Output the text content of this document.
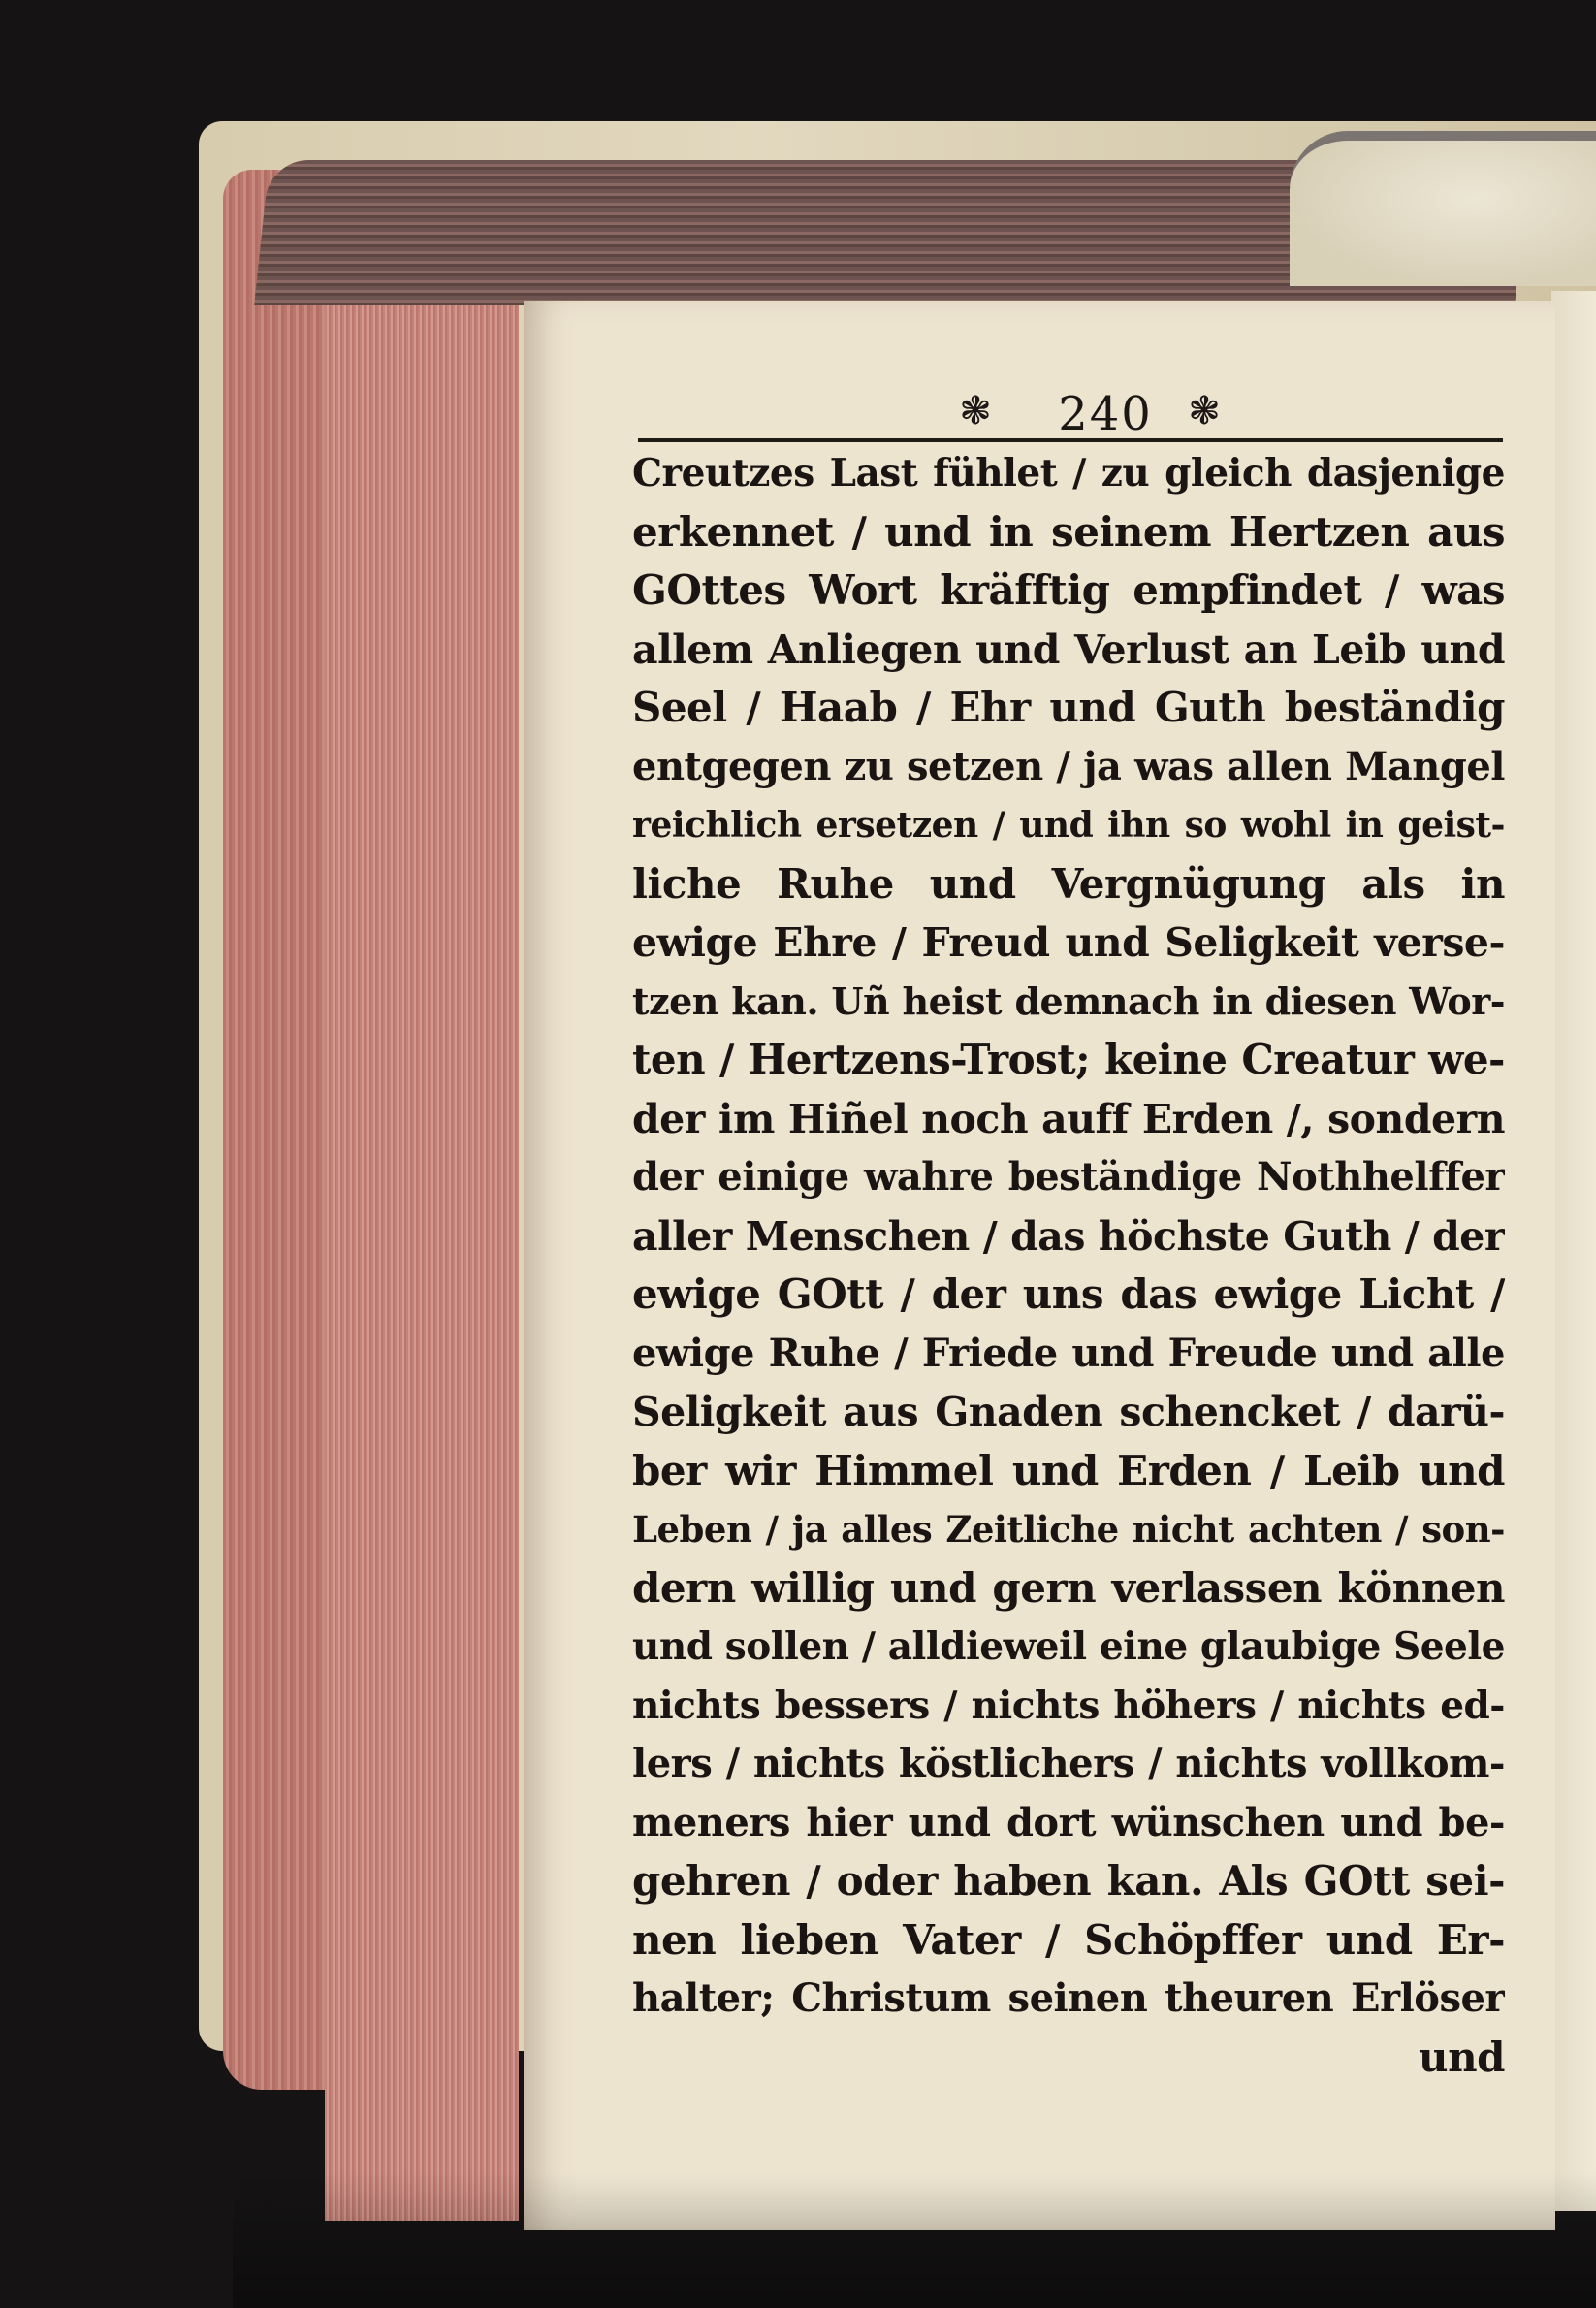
❃	240 ❃
Creutzes Last fühlet / zu gleich dasjenige
erkennet / und in seinem Hertzen aus
GOttes Wort kräfftig empfindet / was
allem Anliegen und Verlust an Leib und
Seel / Haab / Ehr und Guth beständig
entgegen zu setzen / ja was allen Mangel
reichlich ersetzen / und ihn so wohl in geist-
liche Ruhe und Vergnügung als in
ewige Ehre / Freud und Seligkeit verse-
tzen kan. Uñ heist demnach in diesen Wor-
ten / Hertzens-Trost; keine Creatur we-
der im Hiñel noch auff Erden /, sondern
der einige wahre beständige Nothhelffer
aller Menschen / das höchste Guth / der
ewige GOtt / der uns das ewige Licht /
ewige Ruhe / Friede und Freude und alle
Seligkeit aus Gnaden schencket / darü-
ber wir Himmel und Erden / Leib und
Leben / ja alles Zeitliche nicht achten / son-
dern willig und gern verlassen können
und sollen / alldieweil eine glaubige Seele
nichts bessers / nichts höhers / nichts ed-
lers / nichts köstlichers / nichts vollkom-
meners hier und dort wünschen und be-
gehren / oder haben kan. Als GOtt sei-
nen lieben Vater / Schöpffer und Er-
halter; Christum seinen theuren Erlöser
und
